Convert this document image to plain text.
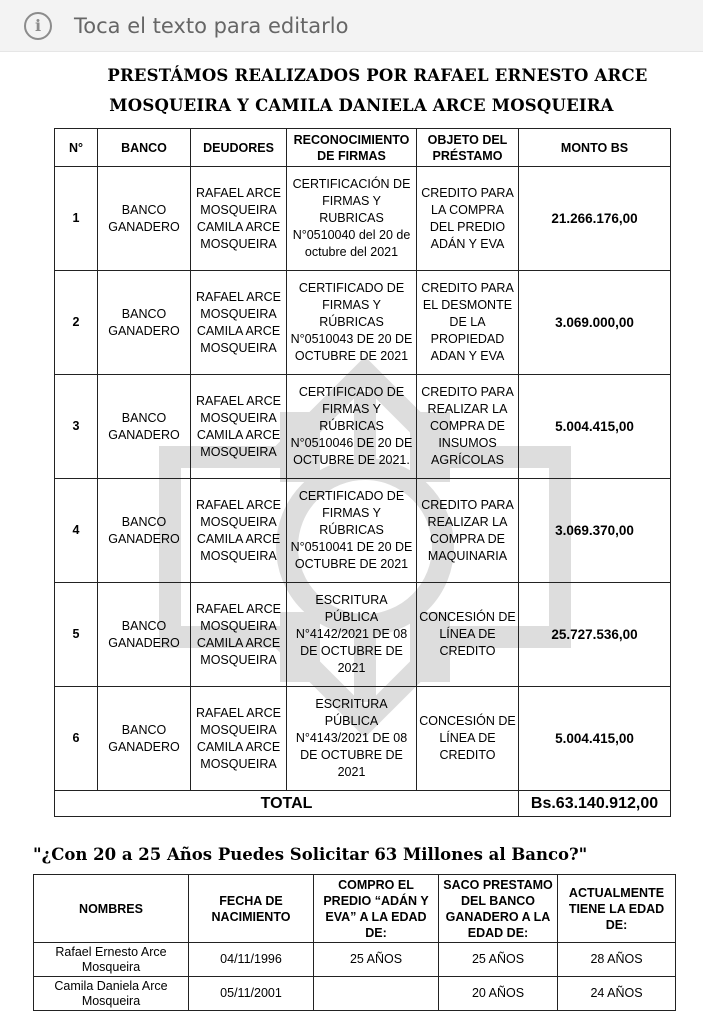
i	Toca el texto para editarlo
PRESTÁMOS REALIZADOS POR RAFAEL ERNESTO ARCE
MOSQUEIRA Y CAMILA DANIELA ARCE MOSQUEIRA
N°	BANCO	DEUDORES	RECONOCIMIENTO DE FIRMAS	OBJETO DEL PRÉSTAMO	MONTO BS
1	BANCO GANADERO	RAFAEL ARCE MOSQUEIRA CAMILA ARCE MOSQUEIRA	CERTIFICACIÓN DE FIRMAS Y RUBRICAS N°0510040 del 20 de octubre del 2021	CREDITO PARA LA COMPRA DEL PREDIO ADÁN Y EVA	21.266.176,00
2	BANCO GANADERO	RAFAEL ARCE MOSQUEIRA CAMILA ARCE MOSQUEIRA	CERTIFICADO DE FIRMAS Y RÚBRICAS N°0510043 DE 20 DE OCTUBRE DE 2021	CREDITO PARA EL DESMONTE DE LA PROPIEDAD ADAN Y EVA	3.069.000,00
3	BANCO GANADERO	RAFAEL ARCE MOSQUEIRA CAMILA ARCE MOSQUEIRA	CERTIFICADO DE FIRMAS Y RÚBRICAS N°0510046 DE 20 DE OCTUBRE DE 2021.	CREDITO PARA REALIZAR LA COMPRA DE INSUMOS AGRÍCOLAS	5.004.415,00
4	BANCO GANADERO	RAFAEL ARCE MOSQUEIRA CAMILA ARCE MOSQUEIRA	CERTIFICADO DE FIRMAS Y RÚBRICAS N°0510041 DE 20 DE OCTUBRE DE 2021	CREDITO PARA REALIZAR LA COMPRA DE MAQUINARIA	3.069.370,00
5	BANCO GANADERO	RAFAEL ARCE MOSQUEIRA CAMILA ARCE MOSQUEIRA	ESCRITURA PÚBLICA N°4142/2021 DE 08 DE OCTUBRE DE 2021	CONCESIÓN DE LÍNEA DE CREDITO	25.727.536,00
6	BANCO GANADERO	RAFAEL ARCE MOSQUEIRA CAMILA ARCE MOSQUEIRA	ESCRITURA PÚBLICA N°4143/2021 DE 08 DE OCTUBRE DE 2021	CONCESIÓN DE LÍNEA DE CREDITO	5.004.415,00
TOTAL					Bs.63.140.912,00
"¿Con 20 a 25 Años Puedes Solicitar 63 Millones al Banco?"
NOMBRES	FECHA DE NACIMIENTO	COMPRO EL PREDIO “ADÁN Y EVA” A LA EDAD DE:	SACO PRESTAMO DEL BANCO GANADERO A LA EDAD DE:	ACTUALMENTE TIENE LA EDAD DE:
Rafael Ernesto Arce Mosqueira	04/11/1996	25 AÑOS	25 AÑOS	28 AÑOS
Camila Daniela Arce Mosqueira	05/11/2001		20 AÑOS	24 AÑOS
